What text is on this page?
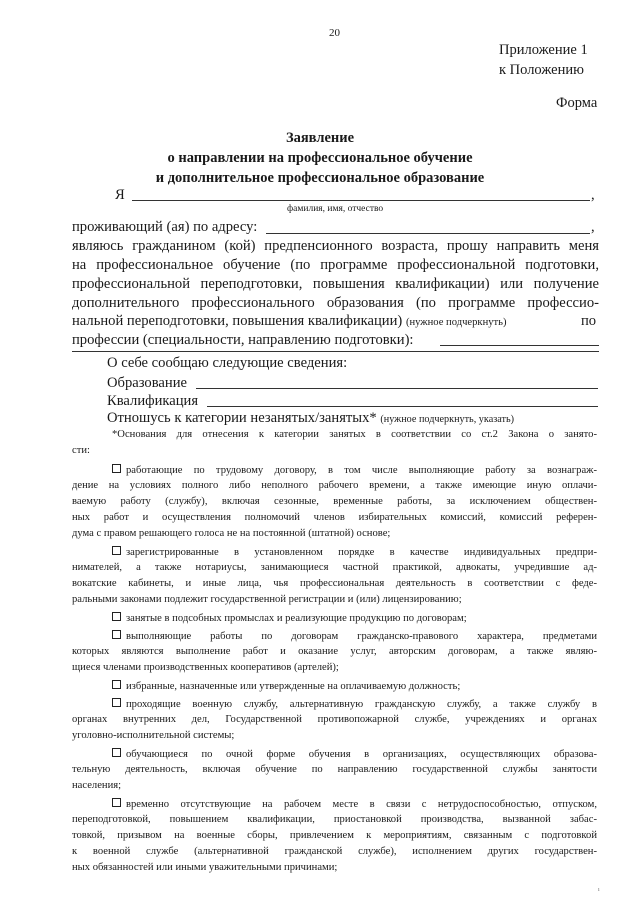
20
Приложение 1
к Положению
Форма
Заявление
о направлении на профессиональное обучение
и дополнительное профессиональное образование
Я	,
фамилия, имя, отчество
проживающий (ая) по адресу:	,
являюсь гражданином (кой) предпенсионного возраста, прошу направить меня
на профессиональное обучение (по программе профессиональной подготовки,
профессиональной переподготовки, повышения квалификации) или получение
дополнительного профессионального образования (по программе профессио-
нальной переподготовки, повышения квалификации) (нужное подчеркнуть)	по
профессии (специальности, направлению подготовки):
О себе сообщаю следующие сведения:
Образование
Квалификация
Отношусь к категории незанятых/занятых* (нужное подчеркнуть, указать)
*Основания для отнесения к категории занятых в соответствии со ст.2 Закона о занято-
сти:
работающие по трудовому договору, в том числе выполняющие работу за вознаграж-
дение на условиях полного либо неполного рабочего времени, а также имеющие иную оплачи-
ваемую работу (службу), включая сезонные, временные работы, за исключением обществен-
ных работ и осуществления полномочий членов избирательных комиссий, комиссий референ-
дума с правом решающего голоса не на постоянной (штатной) основе;
зарегистрированные в установленном порядке в качестве индивидуальных предпри-
нимателей, а также нотариусы, занимающиеся частной практикой, адвокаты, учредившие ад-
вокатские кабинеты, и иные лица, чья профессиональная деятельность в соответствии с феде-
ральными законами подлежит государственной регистрации и (или) лицензированию;
занятые в подсобных промыслах и реализующие продукцию по договорам;
выполняющие работы по договорам гражданско-правового характера, предметами
которых являются выполнение работ и оказание услуг, авторским договорам, а также являю-
щиеся членами производственных кооперативов (артелей);
избранные, назначенные или утвержденные на оплачиваемую должность;
проходящие военную службу, альтернативную гражданскую службу, а также службу в
органах внутренних дел, Государственной противопожарной службе, учреждениях и органах
уголовно-исполнительной системы;
обучающиеся по очной форме обучения в организациях, осуществляющих образова-
тельную деятельность, включая обучение по направлению государственной службы занятости
населения;
временно отсутствующие на рабочем месте в связи с нетрудоспособностью, отпуском,
переподготовкой, повышением квалификации, приостановкой производства, вызванной забас-
товкой, призывом на военные сборы, привлечением к мероприятиям, связанным с подготовкой
к военной службе (альтернативной гражданской службе), исполнением других государствен-
ных обязанностей или иными уважительными причинами;
ı
